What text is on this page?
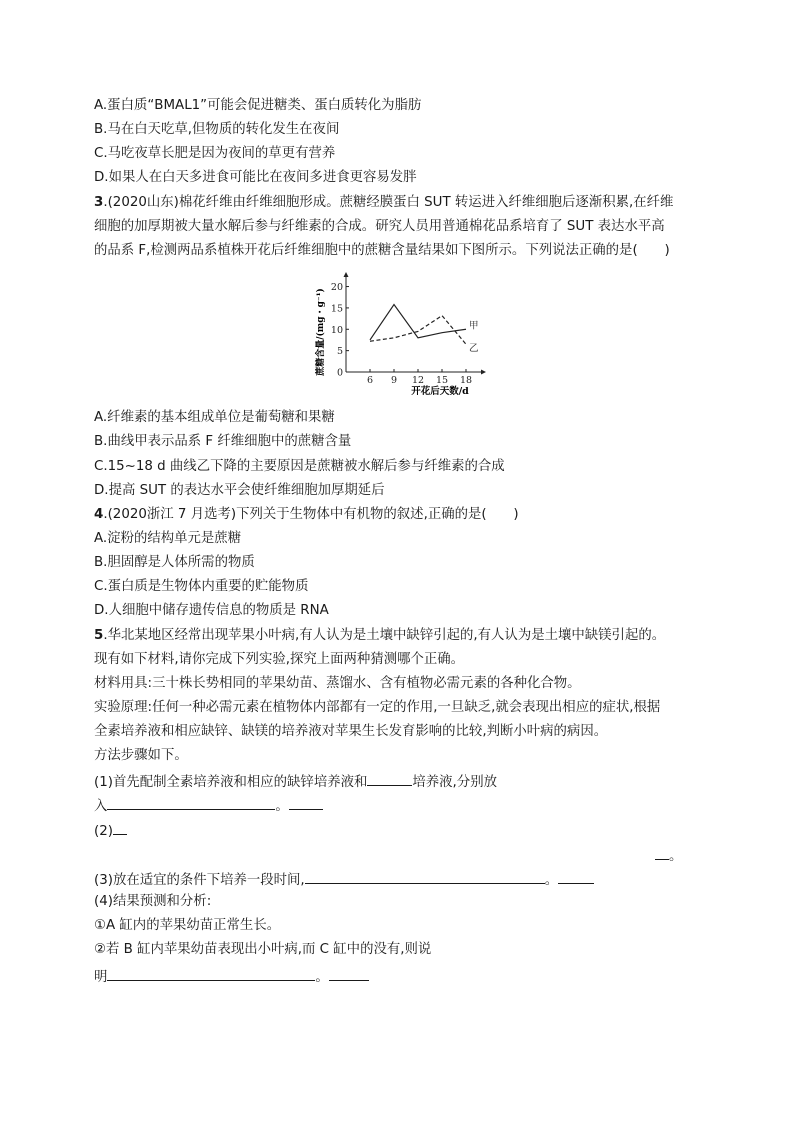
A.蛋白质“BMAL1”可能会促进糖类、蛋白质转化为脂肪
B.马在白天吃草,但物质的转化发生在夜间
C.马吃夜草长肥是因为夜间的草更有营养
D.如果人在白天多进食可能比在夜间多进食更容易发胖
3.(2020山东)棉花纤维由纤维细胞形成。蔗糖经膜蛋白 SUT 转运进入纤维细胞后逐渐积累,在纤维
细胞的加厚期被大量水解后参与纤维素的合成。研究人员用普通棉花品系培育了 SUT 表达水平高
的品系 F,检测两品系植株开花后纤维细胞中的蔗糖含量结果如下图所示。下列说法正确的是(　　)
0
5
10
15
20
6 9 12 15 18
甲
乙
蔗糖含量/(mg・g⁻¹)
开花后天数/d
A.纤维素的基本组成单位是葡萄糖和果糖
B.曲线甲表示品系 F 纤维细胞中的蔗糖含量
C.15~18 d 曲线乙下降的主要原因是蔗糖被水解后参与纤维素的合成
D.提高 SUT 的表达水平会使纤维细胞加厚期延后
4.(2020浙江 7 月选考)下列关于生物体中有机物的叙述,正确的是(　　)
A.淀粉的结构单元是蔗糖
B.胆固醇是人体所需的物质
C.蛋白质是生物体内重要的贮能物质
D.人细胞中储存遗传信息的物质是 RNA
5.华北某地区经常出现苹果小叶病,有人认为是土壤中缺锌引起的,有人认为是土壤中缺镁引起的。
现有如下材料,请你完成下列实验,探究上面两种猜测哪个正确。
材料用具:三十株长势相同的苹果幼苗、蒸馏水、含有植物必需元素的各种化合物。
实验原理:任何一种必需元素在植物体内部都有一定的作用,一旦缺乏,就会表现出相应的症状,根据
全素培养液和相应缺锌、缺镁的培养液对苹果生长发育影响的比较,判断小叶病的病因。
方法步骤如下。
(1)首先配制全素培养液和相应的缺锌培养液和	培养液,分别放
入	。
(2)
。
(3)放在适宜的条件下培养一段时间,	。
(4)结果预测和分析:
①A 缸内的苹果幼苗正常生长。
②若 B 缸内苹果幼苗表现出小叶病,而 C 缸中的没有,则说
明	。
